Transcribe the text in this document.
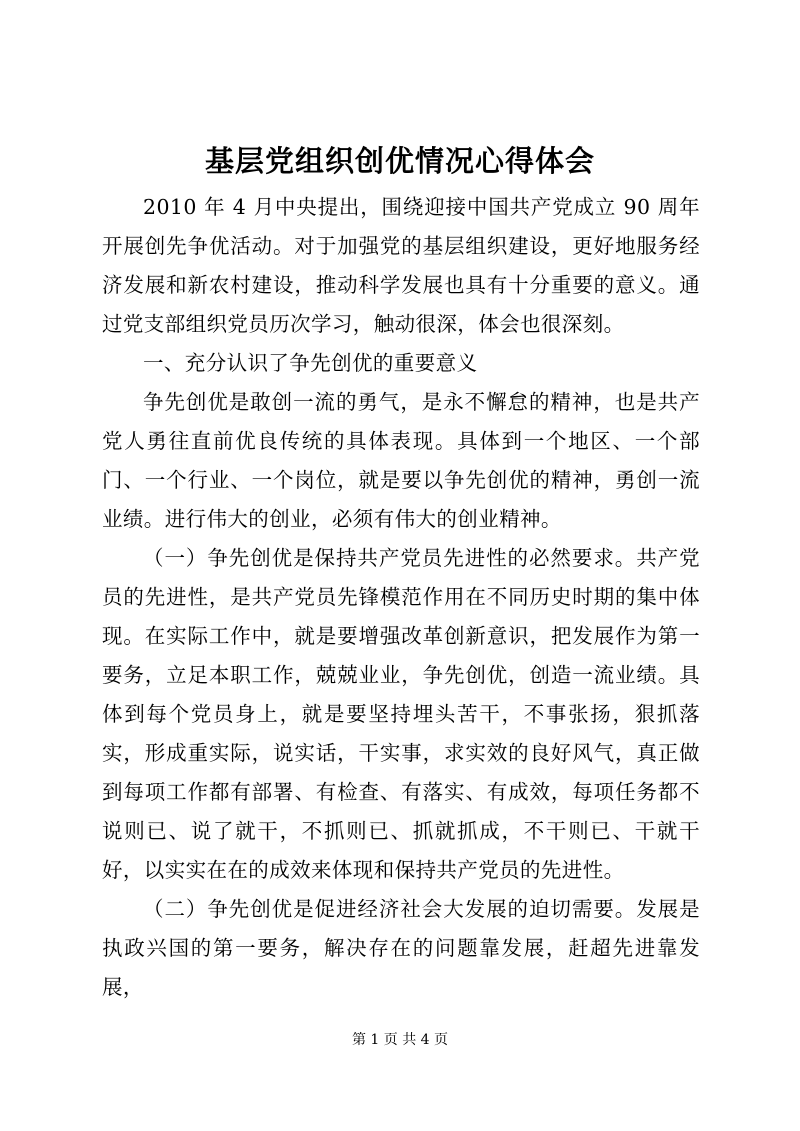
基层党组织创优情况心得体会

2010 年 4 月中央提出，围绕迎接中国共产党成立 90 周年开展创先争优活动。对于加强党的基层组织建设，更好地服务经济发展和新农村建设，推动科学发展也具有十分重要的意义。通过党支部组织党员历次学习，触动很深，体会也很深刻。

一、充分认识了争先创优的重要意义

争先创优是敢创一流的勇气，是永不懈怠的精神，也是共产党人勇往直前优良传统的具体表现。具体到一个地区、一个部门、一个行业、一个岗位，就是要以争先创优的精神，勇创一流业绩。进行伟大的创业，必须有伟大的创业精神。

（一）争先创优是保持共产党员先进性的必然要求。共产党员的先进性，是共产党员先锋模范作用在不同历史时期的集中体现。在实际工作中，就是要增强改革创新意识，把发展作为第一要务，立足本职工作，兢兢业业，争先创优，创造一流业绩。具体到每个党员身上，就是要坚持埋头苦干，不事张扬，狠抓落实，形成重实际，说实话，干实事，求实效的良好风气，真正做到每项工作都有部署、有检查、有落实、有成效，每项任务都不说则已、说了就干，不抓则已、抓就抓成，不干则已、干就干好，以实实在在的成效来体现和保持共产党员的先进性。

（二）争先创优是促进经济社会大发展的迫切需要。发展是执政兴国的第一要务，解决存在的问题靠发展，赶超先进靠发展，

第 1 页 共 4 页
